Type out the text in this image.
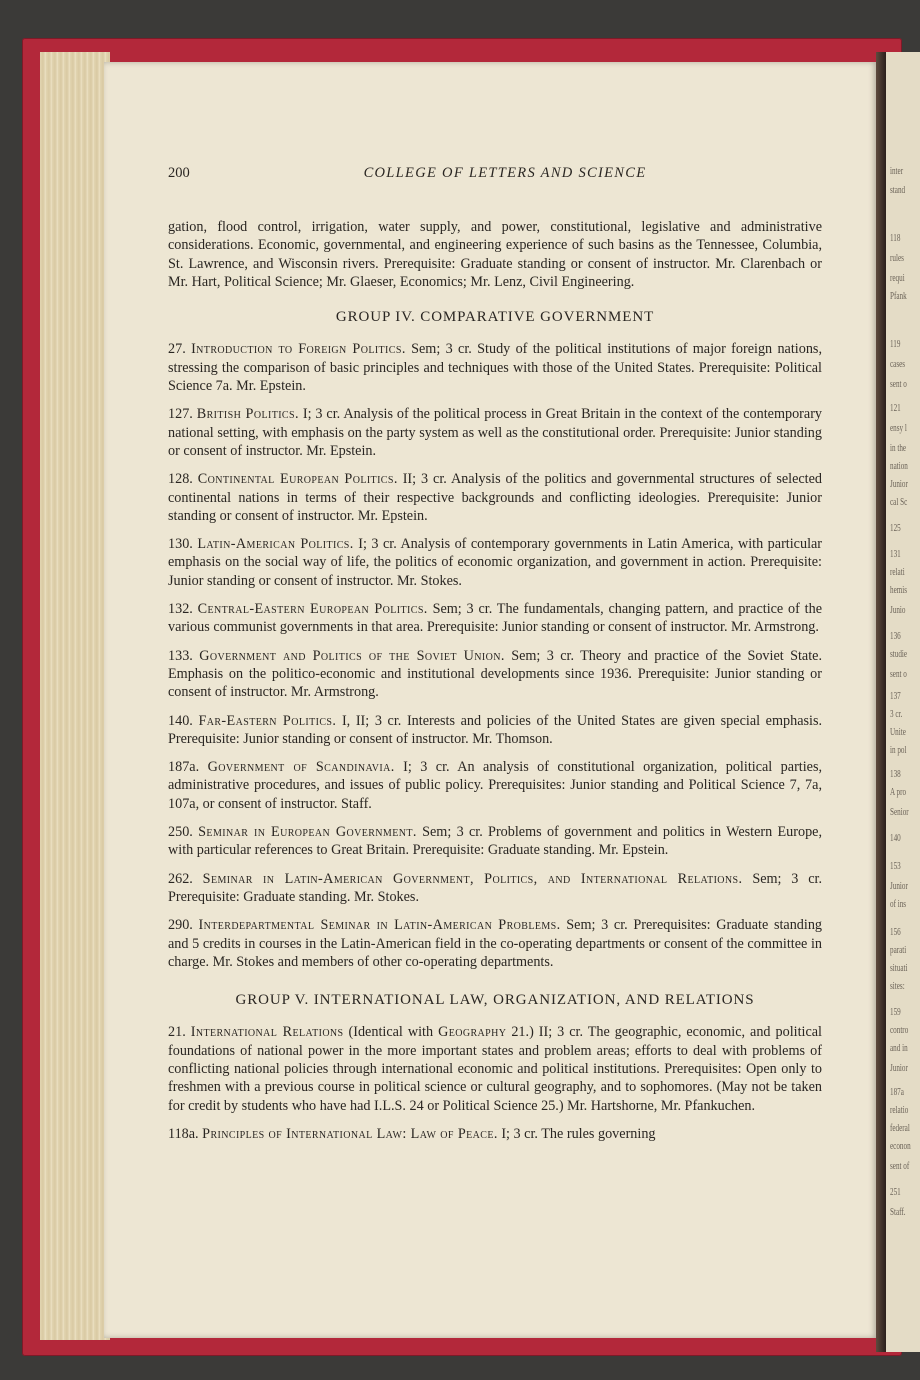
inter
stand
118
rules
requi
Pfank
119
cases
sent o
121
ensy l
in the
nation
Junior
cal Sc
125
131
relati
hemis
Junio
136
studie
sent o
137
3 cr.
Unite
in pol
138
A pro
Senior
140
153
Junior
of ins
156
parati
situati
sites:
159
contro
and in
Junior
187a
relatio
federal
econon
sent of
251
Staff.
200	COLLEGE OF LETTERS AND SCIENCE

gation, flood control, irrigation, water supply, and power, constitutional, legislative and administrative considerations. Economic, governmental, and engineering experience of such basins as the Tennessee, Columbia, St. Lawrence, and Wisconsin rivers. Prerequisite: Graduate standing or consent of instructor. Mr. Clarenbach or Mr. Hart, Political Science; Mr. Glaeser, Economics; Mr. Lenz, Civil Engineering.

GROUP IV. COMPARATIVE GOVERNMENT

27. Introduction to Foreign Politics. Sem; 3 cr. Study of the political institutions of major foreign nations, stressing the comparison of basic principles and techniques with those of the United States. Prerequisite: Political Science 7a. Mr. Epstein.

127. British Politics. I; 3 cr. Analysis of the political process in Great Britain in the context of the contemporary national setting, with emphasis on the party system as well as the constitutional order. Prerequisite: Junior standing or consent of instructor. Mr. Epstein.

128. Continental European Politics. II; 3 cr. Analysis of the politics and governmental structures of selected continental nations in terms of their respective backgrounds and conflicting ideologies. Prerequisite: Junior standing or consent of instructor. Mr. Epstein.

130. Latin-American Politics. I; 3 cr. Analysis of contemporary governments in Latin America, with particular emphasis on the social way of life, the politics of economic organization, and government in action. Prerequisite: Junior standing or consent of instructor. Mr. Stokes.

132. Central-Eastern European Politics. Sem; 3 cr. The fundamentals, changing pattern, and practice of the various communist governments in that area. Prerequisite: Junior standing or consent of instructor. Mr. Armstrong.

133. Government and Politics of the Soviet Union. Sem; 3 cr. Theory and practice of the Soviet State. Emphasis on the politico-economic and institutional developments since 1936. Prerequisite: Junior standing or consent of instructor. Mr. Armstrong.

140. Far-Eastern Politics. I, II; 3 cr. Interests and policies of the United States are given special emphasis. Prerequisite: Junior standing or consent of instructor. Mr. Thomson.

187a. Government of Scandinavia. I; 3 cr. An analysis of constitutional organization, political parties, administrative procedures, and issues of public policy. Prerequisites: Junior standing and Political Science 7, 7a, 107a, or consent of instructor. Staff.

250. Seminar in European Government. Sem; 3 cr. Problems of government and politics in Western Europe, with particular references to Great Britain. Prerequisite: Graduate standing. Mr. Epstein.

262. Seminar in Latin-American Government, Politics, and International Relations. Sem; 3 cr. Prerequisite: Graduate standing. Mr. Stokes.

290. Interdepartmental Seminar in Latin-American Problems. Sem; 3 cr. Prerequisites: Graduate standing and 5 credits in courses in the Latin-American field in the co-operating departments or consent of the committee in charge. Mr. Stokes and members of other co-operating departments.

GROUP V. INTERNATIONAL LAW, ORGANIZATION, AND RELATIONS

21. International Relations (Identical with Geography 21.) II; 3 cr. The geographic, economic, and political foundations of national power in the more important states and problem areas; efforts to deal with problems of conflicting national policies through international economic and political institutions. Prerequisites: Open only to freshmen with a previous course in political science or cultural geography, and to sophomores. (May not be taken for credit by students who have had I.L.S. 24 or Political Science 25.) Mr. Hartshorne, Mr. Pfankuchen.

118a. Principles of International Law: Law of Peace. I; 3 cr. The rules governing
